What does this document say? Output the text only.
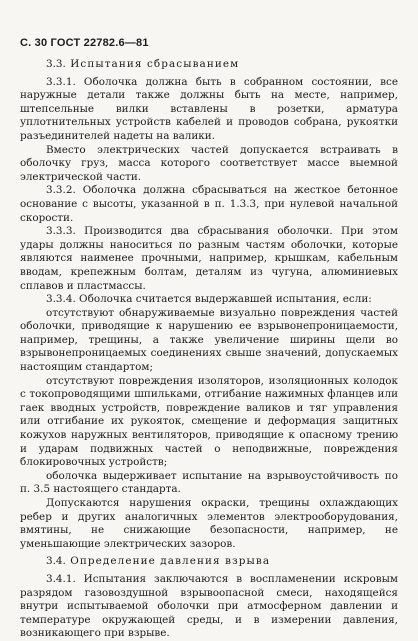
С. 30 ГОСТ 22782.6—81
3.3. Испытания сбрасыванием

3.3.1. Оболочка должна быть в собранном состоянии, все наружные детали также должны быть на месте, например, штепсельные вилки вставлены в розетки, арматура уплотнительных устройств кабелей и проводов собрана, рукоятки разъединителей надеты на валики.

Вместо электрических частей допускается встраивать в оболочку груз, масса которого соответствует массе выемной электрической части.

3.3.2. Оболочка должна сбрасываться на жесткое бетонное основание с высоты, указанной в п. 1.3.3, при нулевой начальной скорости.

3.3.3. Производится два сбрасывания оболочки. При этом удары должны наноситься по разным частям оболочки, которые являются наименее прочными, например, крышкам, кабельным вводам, крепежным болтам, деталям из чугуна, алюминиевых сплавов и пластмассы.

3.3.4. Оболочка считается выдержавшей испытания, если:

отсутствуют обнаруживаемые визуально повреждения частей оболочки, приводящие к нарушению ее взрывонепроницаемости, например, трещины, а также увеличение ширины щели во взрывонепроницаемых соединениях свыше значений, допускаемых настоящим стандартом;

отсутствуют повреждения изоляторов, изоляционных колодок с токопроводящими шпильками, отгибание нажимных фланцев или гаек вводных устройств, повреждение валиков и тяг управления или отгибание их рукояток, смещение и деформация защитных кожухов наружных вентиляторов, приводящие к опасному трению и ударам подвижных частей о неподвижные, повреждения блокировочных устройств;

оболочка выдерживает испытание на взрывоустойчивость по п. 3.5 настоящего стандарта.

Допускаются нарушения окраски, трещины охлаждающих ребер и других аналогичных элементов электрооборудования, вмятины, не снижающие безопасности, например, не уменьшающие электрических зазоров.

3.4. Определение давления взрыва

3.4.1. Испытания заключаются в воспламенении искровым разрядом газовоздушной взрывоопасной смеси, находящейся внутри испытываемой оболочки при атмосферном давлении и температуре окружающей среды, и в измерении давления, возникающего при взрыве.
